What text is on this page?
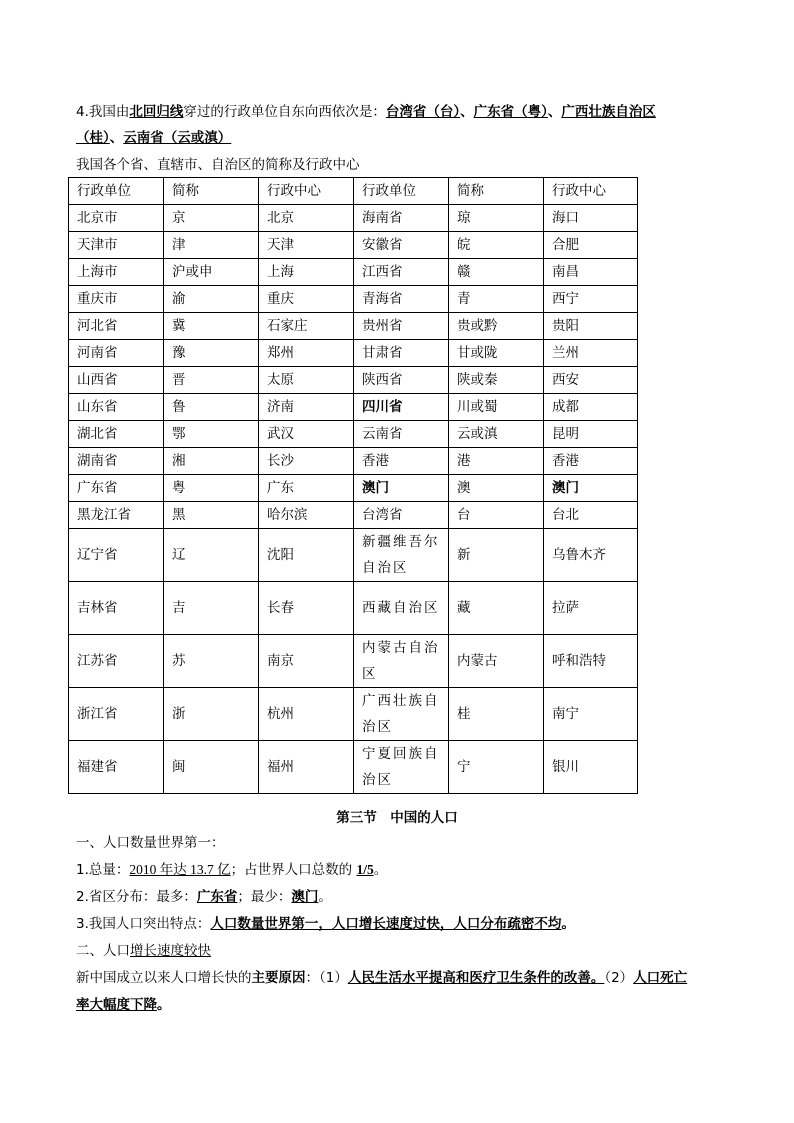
4.我国由北回归线穿过的行政单位自东向西依次是：台湾省（台）、广东省（粤）、广西壮族自治区
（桂）、云南省（云或滇）
我国各个省、直辖市、自治区的简称及行政中心
行政单位	简称	行政中心	行政单位	简称	行政中心
北京市	京	北京	海南省	琼	海口
天津市	津	天津	安徽省	皖	合肥
上海市	沪或申	上海	江西省	赣	南昌
重庆市	渝	重庆	青海省	青	西宁
河北省	冀	石家庄	贵州省	贵或黔	贵阳
河南省	豫	郑州	甘肃省	甘或陇	兰州
山西省	晋	太原	陕西省	陕或秦	西安
山东省	鲁	济南	四川省	川或蜀	成都
湖北省	鄂	武汉	云南省	云或滇	昆明
湖南省	湘	长沙	香港	港	香港
广东省	粤	广东	澳门	澳	澳门
黑龙江省	黑	哈尔滨	台湾省	台	台北
辽宁省	辽	沈阳	新疆维吾尔自治区	新	乌鲁木齐
吉林省	吉	长春	西藏自治区	藏	拉萨
江苏省	苏	南京	内蒙古自治区	内蒙古	呼和浩特
浙江省	浙	杭州	广西壮族自治区	桂	南宁
福建省	闽	福州	宁夏回族自治区	宁	银川
第三节　中国的人口
一、人口数量世界第一：
1.总量：2010 年达 13.7 亿；占世界人口总数的 1/5。
2.省区分布：最多：广东省；最少：澳门。
3.我国人口突出特点：人口数量世界第一，人口增长速度过快，人口分布疏密不均。
二、人口增长速度较快
新中国成立以来人口增长快的主要原因：（1）人民生活水平提高和医疗卫生条件的改善。（2）人口死亡
率大幅度下降。
